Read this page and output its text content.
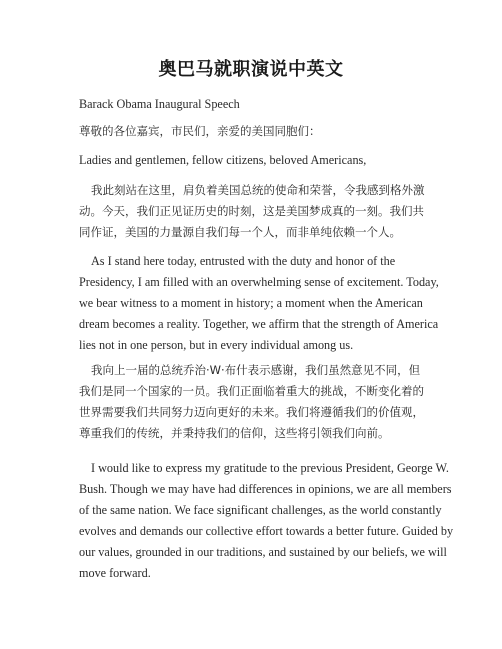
奥巴马就职演说中英文
Barack Obama Inaugural Speech
尊敬的各位嘉宾，市民们，亲爱的美国同胞们：
Ladies and gentlemen, fellow citizens, beloved Americans,
我此刻站在这里，肩负着美国总统的使命和荣誉，令我感到格外激
动。今天，我们正见证历史的时刻，这是美国梦成真的一刻。我们共
同作证，美国的力量源自我们每一个人，而非单纯依赖一个人。
As I stand here today, entrusted with the duty and honor of the
Presidency, I am filled with an overwhelming sense of excitement. Today,
we bear witness to a moment in history; a moment when the American
dream becomes a reality. Together, we affirm that the strength of America
lies not in one person, but in every individual among us.
我向上一届的总统乔治·W·布什表示感谢，我们虽然意见不同，但
我们是同一个国家的一员。我们正面临着重大的挑战，不断变化着的
世界需要我们共同努力迈向更好的未来。我们将遵循我们的价值观，
尊重我们的传统，并秉持我们的信仰，这些将引领我们向前。
I would like to express my gratitude to the previous President, George W.
Bush. Though we may have had differences in opinions, we are all members
of the same nation. We face significant challenges, as the world constantly
evolves and demands our collective effort towards a better future. Guided by
our values, grounded in our traditions, and sustained by our beliefs, we will
move forward.
